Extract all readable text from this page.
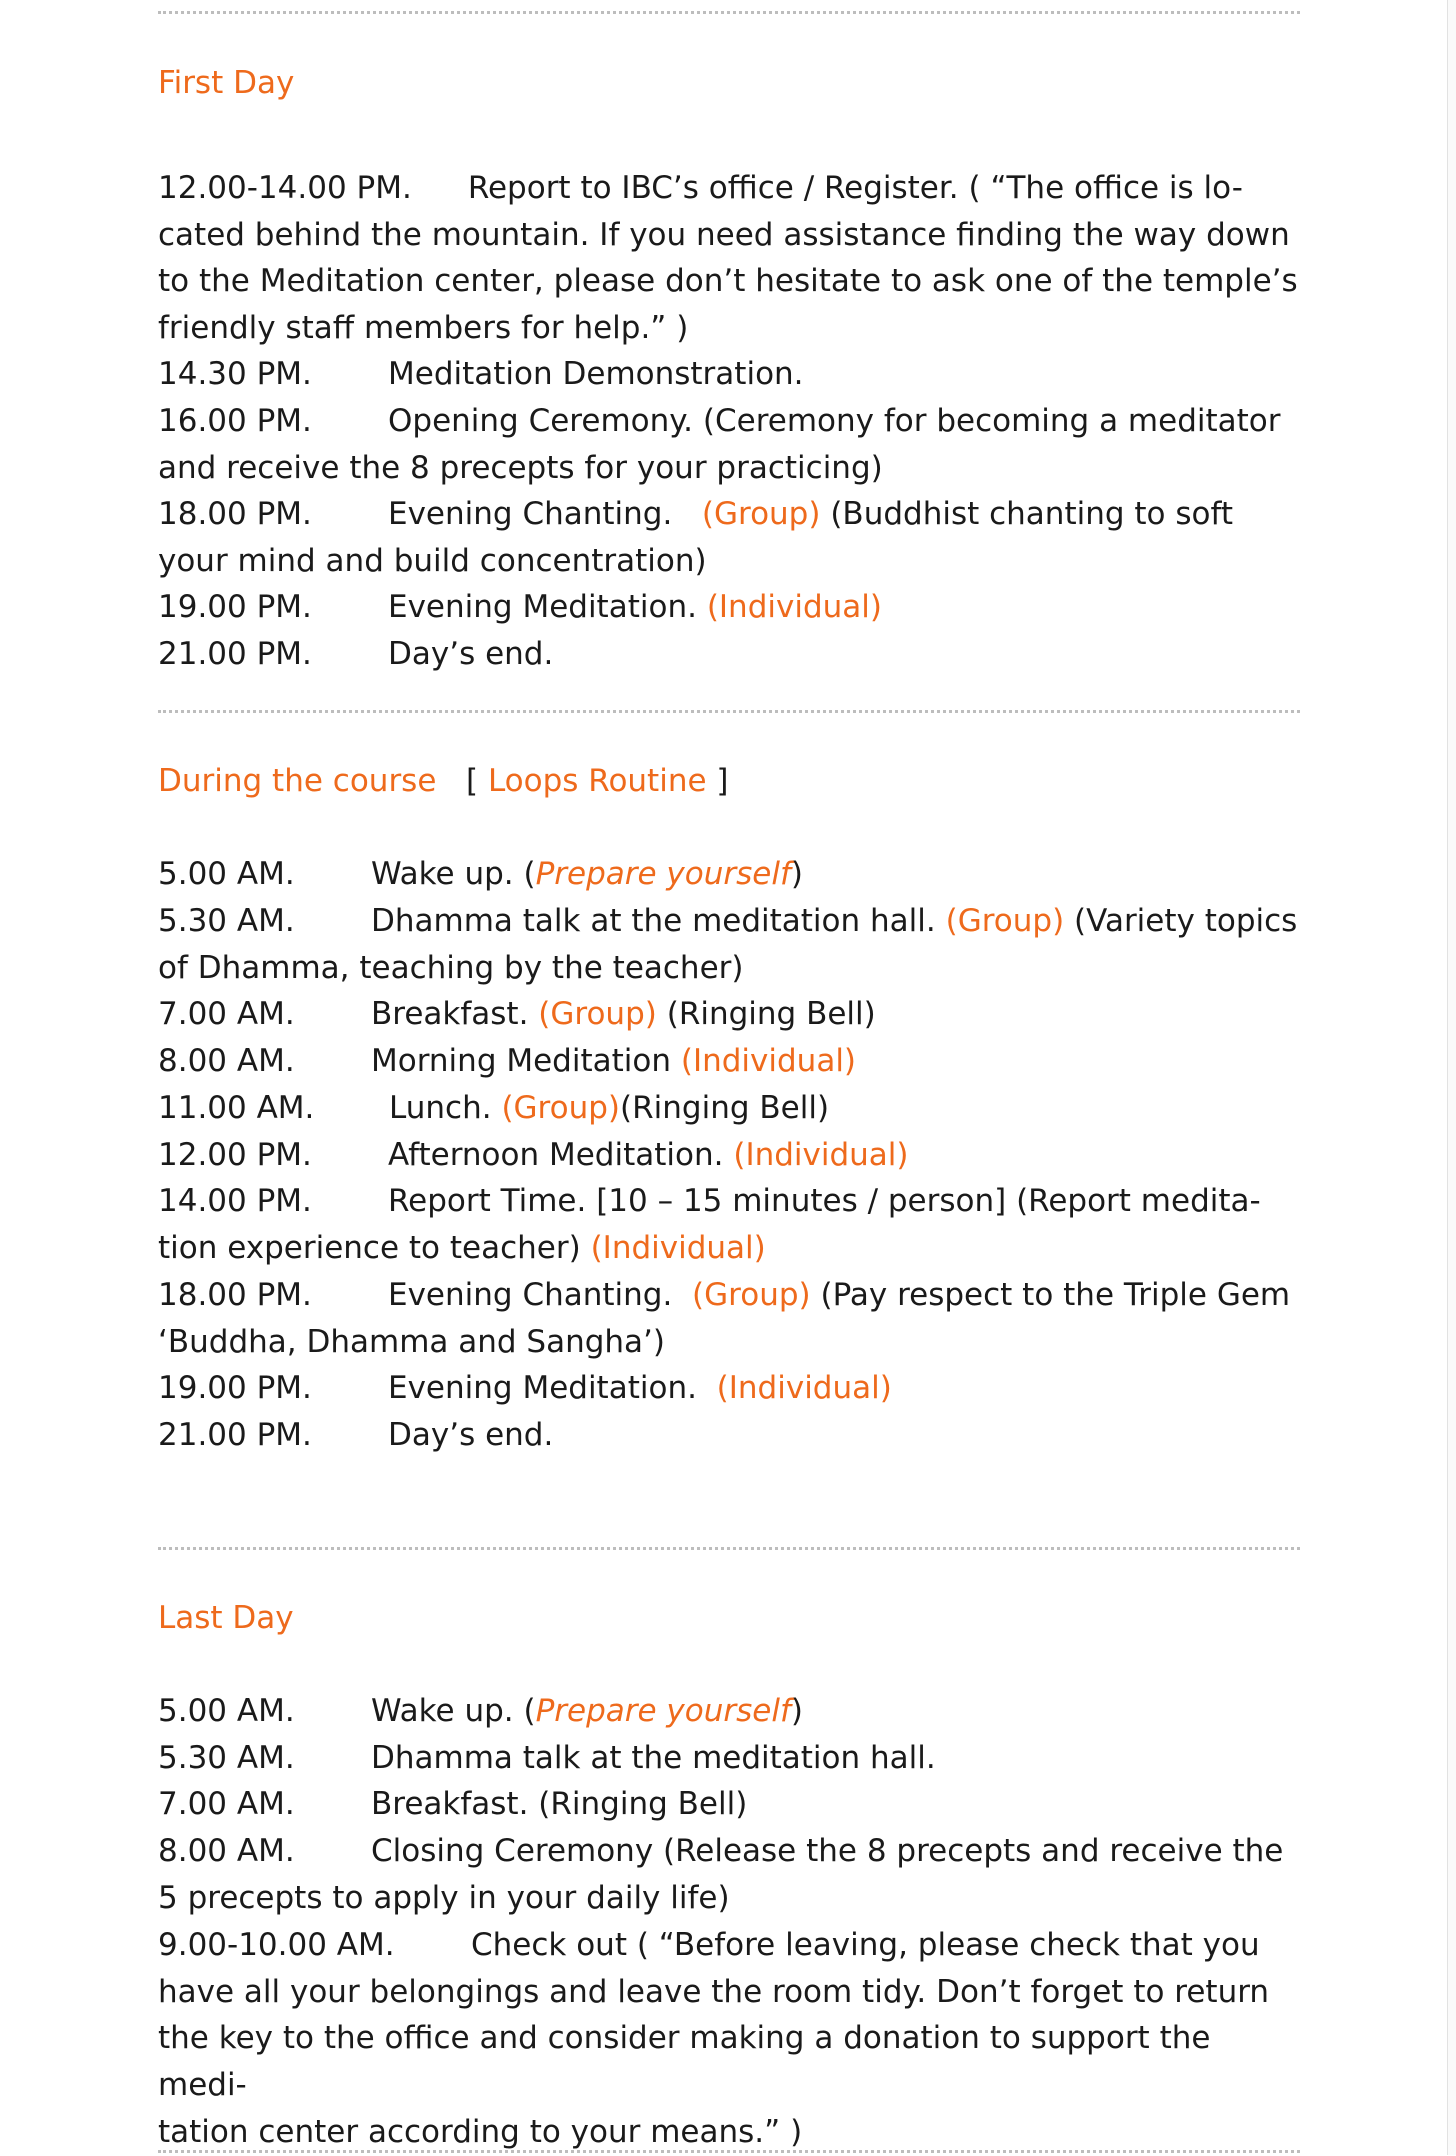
First Day

12.00-14.00 PM. Report to IBC’s office / Register. ( “The office is lo-
cated behind the mountain. If you need assistance finding the way down
to the Meditation center, please don’t hesitate to ask one of the temple’s
friendly staff members for help.” )

14.30 PM. Meditation Demonstration.

16.00 PM. Opening Ceremony. (Ceremony for becoming a meditator
and receive the 8 precepts for your practicing)

18.00 PM. Evening Chanting. (Group) (Buddhist chanting to soft
your mind and build concentration)

19.00 PM. Evening Meditation. (Individual)

21.00 PM. Day’s end.

During the course [ Loops Routine ]

5.00 AM. Wake up. (Prepare yourself)

5.30 AM. Dhamma talk at the meditation hall. (Group) (Variety topics
of Dhamma, teaching by the teacher)

7.00 AM. Breakfast. (Group) (Ringing Bell)

8.00 AM. Morning Meditation (Individual)

11.00 AM. Lunch. (Group)(Ringing Bell)

12.00 PM. Afternoon Meditation. (Individual)

14.00 PM. Report Time. [10 – 15 minutes / person] (Report medita-
tion experience to teacher) (Individual)

18.00 PM. Evening Chanting. (Group) (Pay respect to the Triple Gem
‘Buddha, Dhamma and Sangha’)

19.00 PM. Evening Meditation. (Individual)

21.00 PM. Day’s end.

Last Day

5.00 AM. Wake up. (Prepare yourself)

5.30 AM. Dhamma talk at the meditation hall.

7.00 AM. Breakfast. (Ringing Bell)

8.00 AM. Closing Ceremony (Release the 8 precepts and receive the
5 precepts to apply in your daily life)

9.00-10.00 AM. Check out ( “Before leaving, please check that you
have all your belongings and leave the room tidy. Don’t forget to return
the key to the office and consider making a donation to support the medi-
tation center according to your means.” )
